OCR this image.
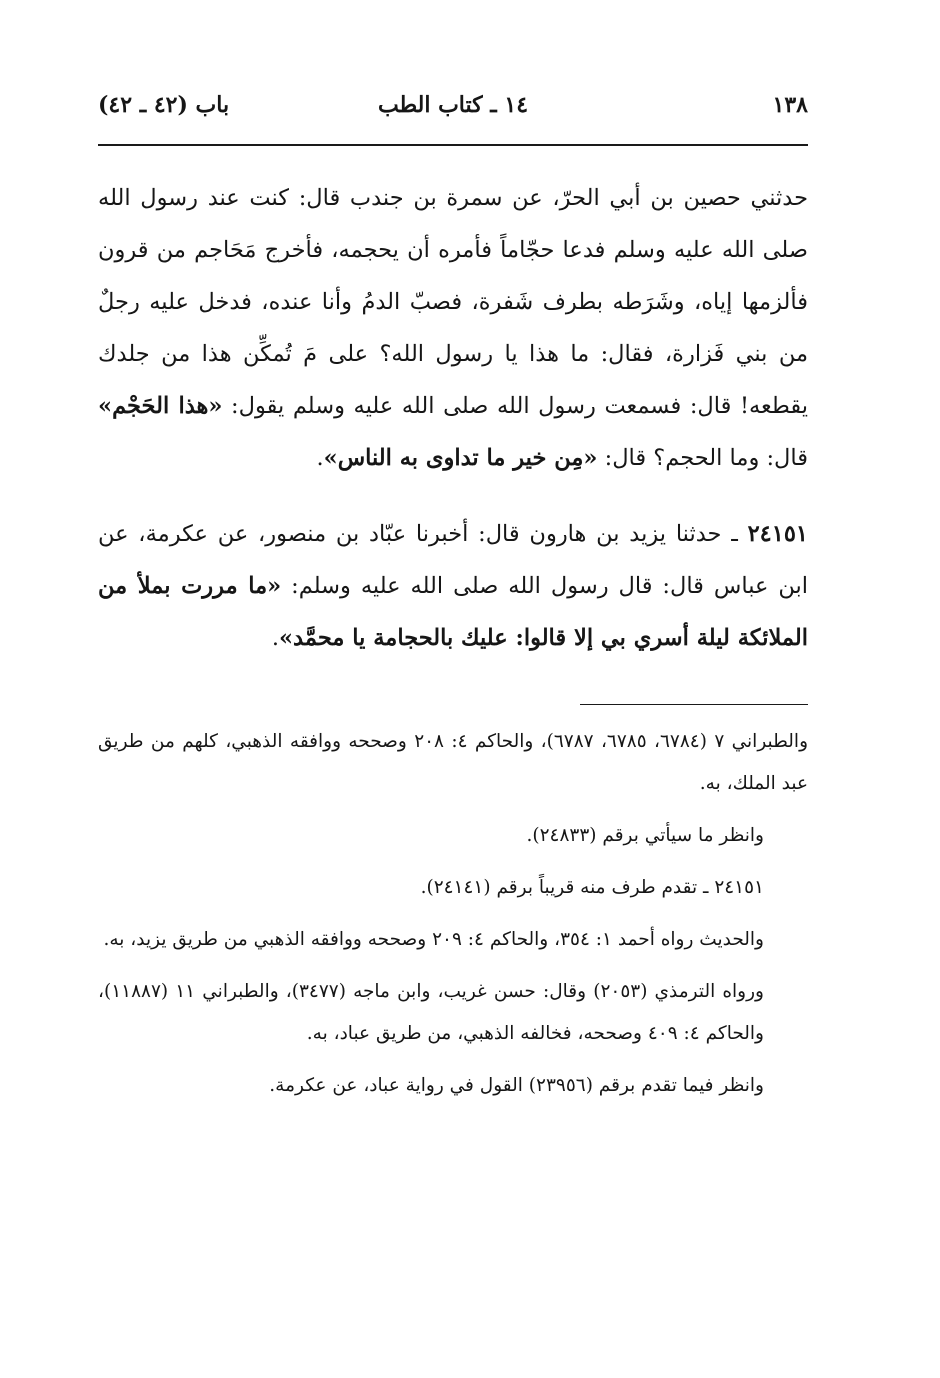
١٣٨
١٤ ـ كتاب الطب
باب (٤٢ ـ ٤٢)

حدثني حصين بن أبي الحرّ، عن سمرة بن جندب قال: كنت عند رسول الله صلى الله عليه وسلم فدعا حجّاماً فأمره أن يحجمه، فأخرج مَحَاجم من قرون فألزمها إياه، وشَرَطه بطرف شَفرة، فصبّ الدمُ وأنا عنده، فدخل عليه رجلٌ من بني فَزارة، فقال: ما هذا يا رسول الله؟ على مَ تُمكِّن هذا من جلدك يقطعه! قال: فسمعت رسول الله صلى الله عليه وسلم يقول: «هذا الحَجْم» قال: وما الحجم؟ قال: «مِن خير ما تداوى به الناس».

٢٤١٥١ ـ حدثنا يزيد بن هارون قال: أخبرنا عبّاد بن منصور، عن عكرمة، عن ابن عباس قال: قال رسول الله صلى الله عليه وسلم: «ما مررت بملأ من الملائكة ليلة أسري بي إلا قالوا: عليك بالحجامة يا محمَّد».

والطبراني ٧ (٦٧٨٤، ٦٧٨٥، ٦٧٨٧)، والحاكم ٤: ٢٠٨ وصححه ووافقه الذهبي، كلهم من طريق عبد الملك، به.

وانظر ما سيأتي برقم (٢٤٨٣٣).

٢٤١٥١ ـ تقدم طرف منه قريباً برقم (٢٤١٤١).

والحديث رواه أحمد ١: ٣٥٤، والحاكم ٤: ٢٠٩ وصححه ووافقه الذهبي من طريق يزيد، به.

ورواه الترمذي (٢٠٥٣) وقال: حسن غريب، وابن ماجه (٣٤٧٧)، والطبراني ١١ (١١٨٨٧)، والحاكم ٤: ٤٠٩ وصححه، فخالفه الذهبي، من طريق عباد، به.

وانظر فيما تقدم برقم (٢٣٩٥٦) القول في رواية عباد، عن عكرمة.
